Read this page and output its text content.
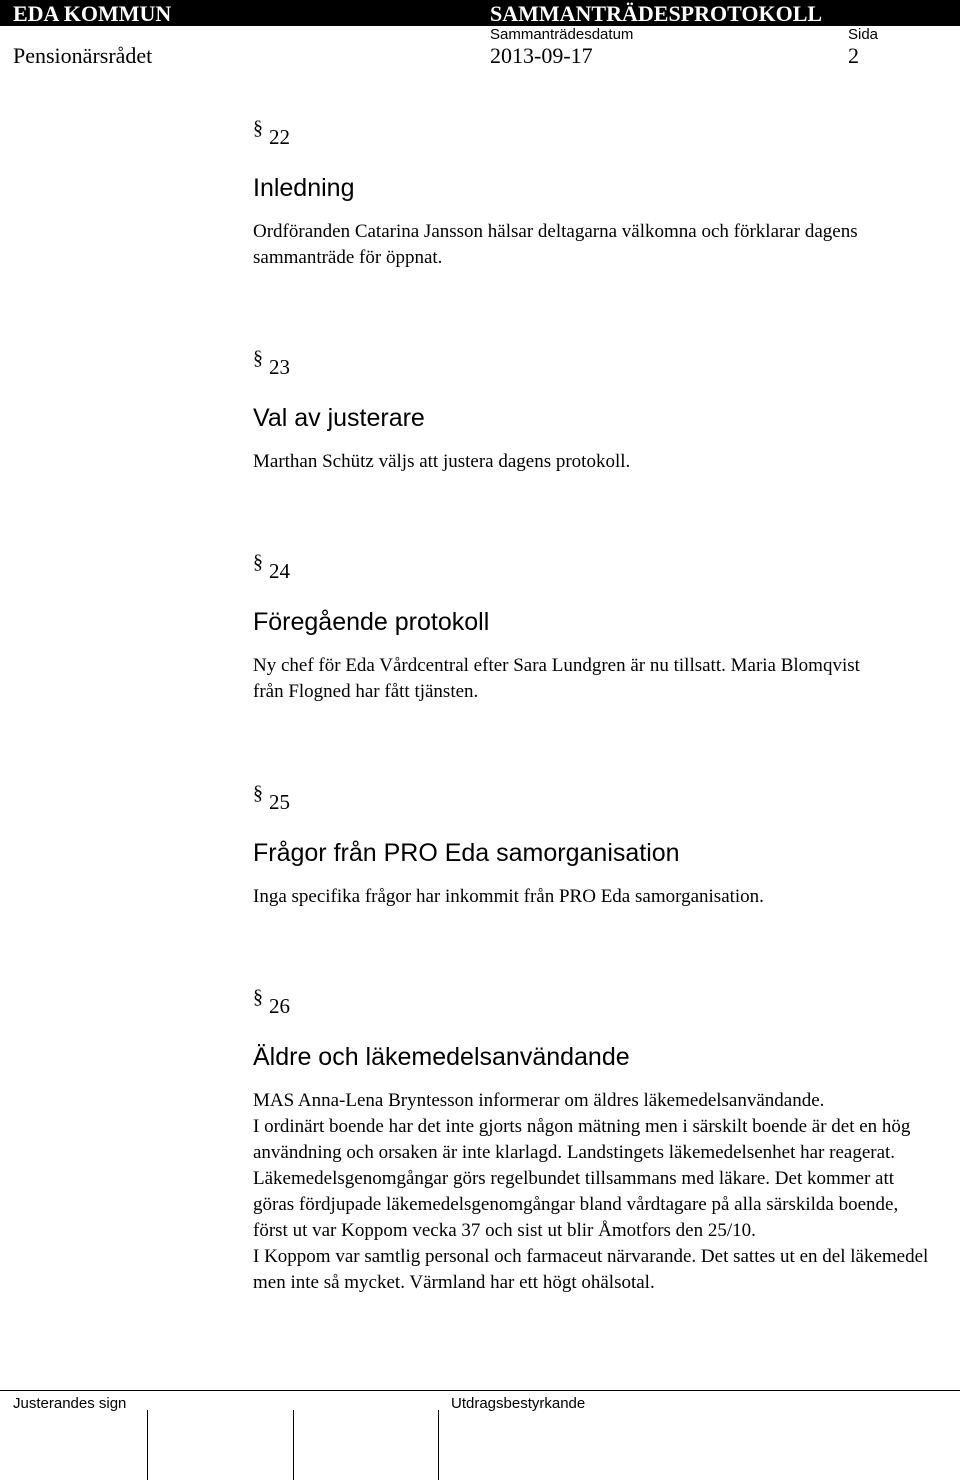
EDA KOMMUN	SAMMANTRÄDESPROTOKOLL
Sammanträdesdatum	Sida
Pensionärsrådet	2013-09-17	2
§ 22
Inledning

Ordföranden Catarina Jansson hälsar deltagarna välkomna och förklarar dagens sammanträde för öppnat.

§ 23
Val av justerare

Marthan Schütz väljs att justera dagens protokoll.

§ 24
Föregående protokoll

Ny chef för Eda Vårdcentral efter Sara Lundgren är nu tillsatt. Maria Blomqvist från Flogned har fått tjänsten.

§ 25
Frågor från PRO Eda samorganisation

Inga specifika frågor har inkommit från PRO Eda samorganisation.

§ 26
Äldre och läkemedelsanvändande

MAS Anna-Lena Bryntesson informerar om äldres läkemedelsanvändande.

I ordinärt boende har det inte gjorts någon mätning men i särskilt boende är det en hög användning och orsaken är inte klarlagd. Landstingets läkemedelsenhet har reagerat. Läkemedelsgenomgångar görs regelbundet tillsammans med läkare. Det kommer att göras fördjupade läkemedelsgenomgångar bland vårdtagare på alla särskilda boende, först ut var Koppom vecka 37 och sist ut blir Åmotfors den 25/10.

I Koppom var samtlig personal och farmaceut närvarande. Det sattes ut en del läkemedel men inte så mycket. Värmland har ett högt ohälsotal.

Justerandes sign	Utdragsbestyrkande
